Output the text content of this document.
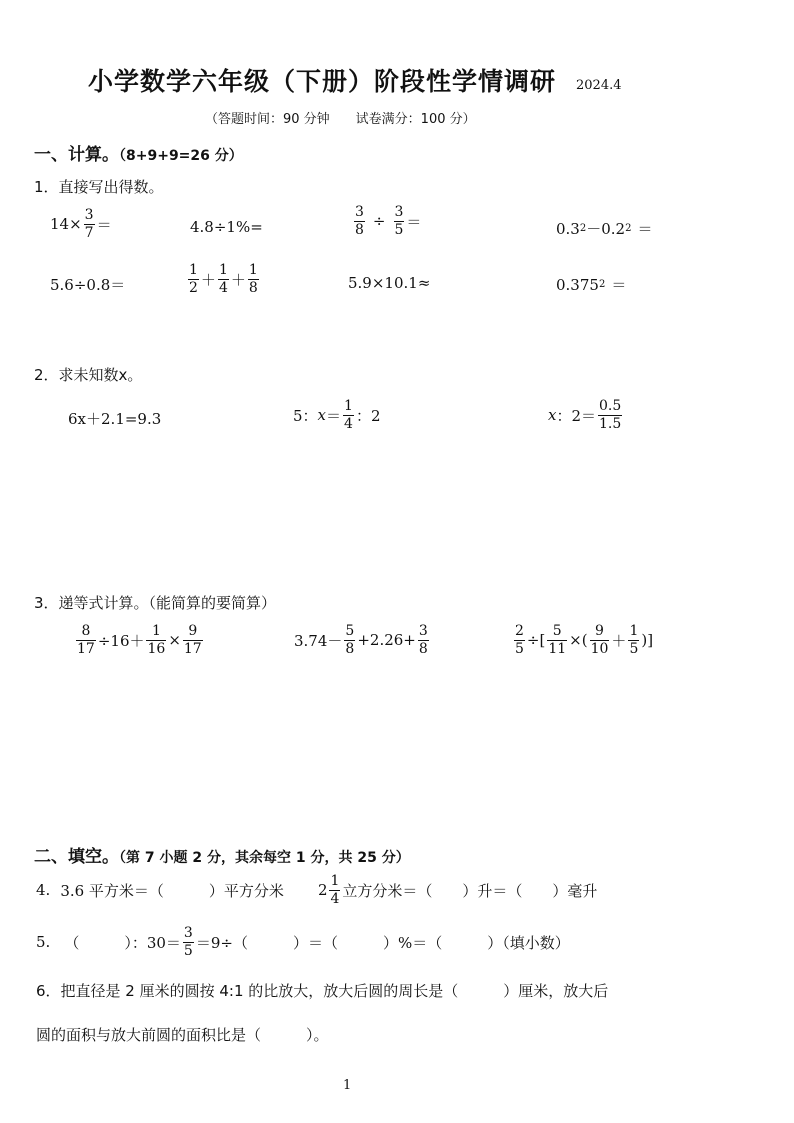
小学数学六年级（下册）阶段性学情调研 2024.4
（答题时间：90 分钟　　试卷满分：100 分）
一、计算。（8+9+9=26 分）
1．直接写出得数。
$14\times \frac{3}{7}$ ＝	4.8÷1%=	$\frac{3}{8} \div \frac{3}{5}$ ＝	0.3 2 －0.2 2 ＝
5.6÷0.8＝	$\frac{1}{2} + \frac{1}{4} + \frac{1}{8}$	5.9×10.1≈	0.375 2 ＝
2．求未知数x。
6x＋2.1=9.3	5： $x = \frac{1}{4}$ ：2	x ：$2= \frac{0.5}{1.5}$
3．递等式计算。（能简算的要简算）
$\frac{8}{17} \div 16+ \frac{1}{16} \times \frac{9}{17}$	$3.74- \frac{5}{8} +2.26+ \frac{3}{8}$	$\frac{2}{5}$ ÷[ $\frac{5}{11}$ ×( $\frac{9}{10} + \frac{1}{5}$ )]
二、填空。（第 7 小题 2 分，其余每空 1 分，共 25 分）
4. 3.6 平方米＝（　　　）平方分米 $2 \frac{1}{4}$ 立方分米＝（　　）升＝（　　）毫升
5. （　　　）：$30= \frac{3}{5} =9\div$（　　　）＝（　　　）%＝（　　　）（填小数）
6．把直径是 2 厘米的圆按 4:1 的比放大，放大后圆的周长是（　　　）厘米，放大后
圆的面积与放大前圆的面积比是（　　　）。
1
